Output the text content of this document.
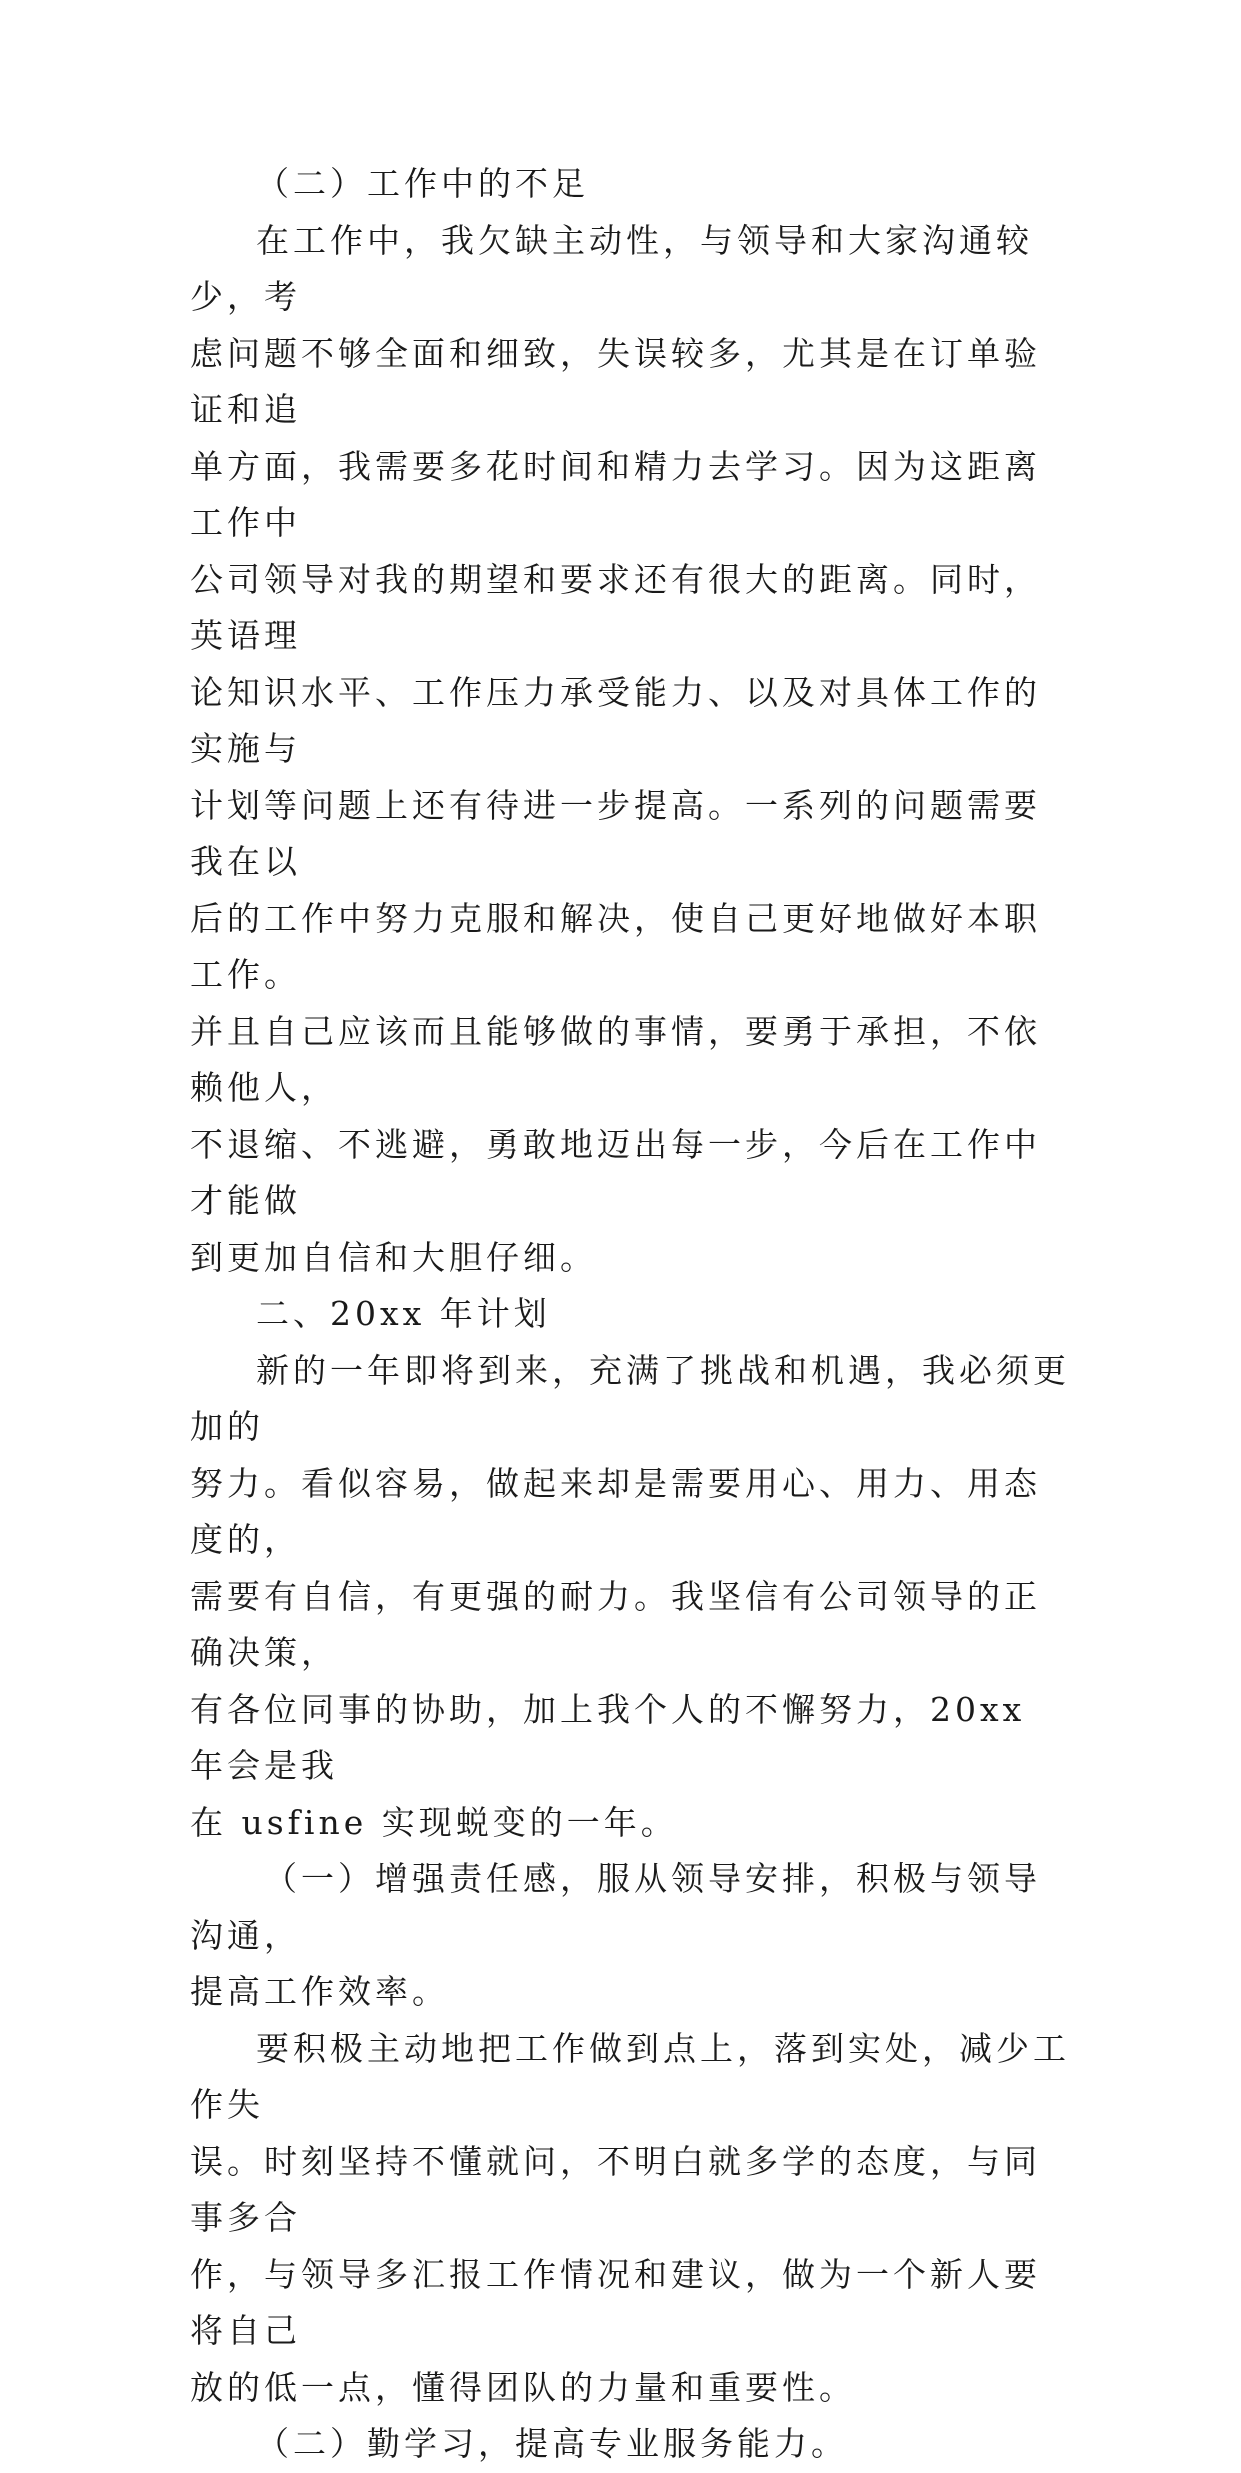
（二）工作中的不足

在工作中，我欠缺主动性，与领导和大家沟通较少，考

虑问题不够全面和细致，失误较多，尤其是在订单验证和追

单方面，我需要多花时间和精力去学习。因为这距离工作中

公司领导对我的期望和要求还有很大的距离。同时，英语理

论知识水平、工作压力承受能力、以及对具体工作的实施与

计划等问题上还有待进一步提高。一系列的问题需要我在以

后的工作中努力克服和解决，使自己更好地做好本职工作。

并且自己应该而且能够做的事情，要勇于承担，不依赖他人，

不退缩、不逃避，勇敢地迈出每一步，今后在工作中才能做

到更加自信和大胆仔细。

二、20xx 年计划

新的一年即将到来，充满了挑战和机遇，我必须更加的

努力。看似容易，做起来却是需要用心、用力、用态度的，

需要有自信，有更强的耐力。我坚信有公司领导的正确决策，

有各位同事的协助，加上我个人的不懈努力，20xx 年会是我

在 usfine 实现蜕变的一年。

（一）增强责任感，服从领导安排，积极与领导沟通，

提高工作效率。

要积极主动地把工作做到点上，落到实处，减少工作失

误。时刻坚持不懂就问，不明白就多学的态度，与同事多合

作，与领导多汇报工作情况和建议，做为一个新人要将自己

放的低一点，懂得团队的力量和重要性。

（二）勤学习，提高专业服务能力。
